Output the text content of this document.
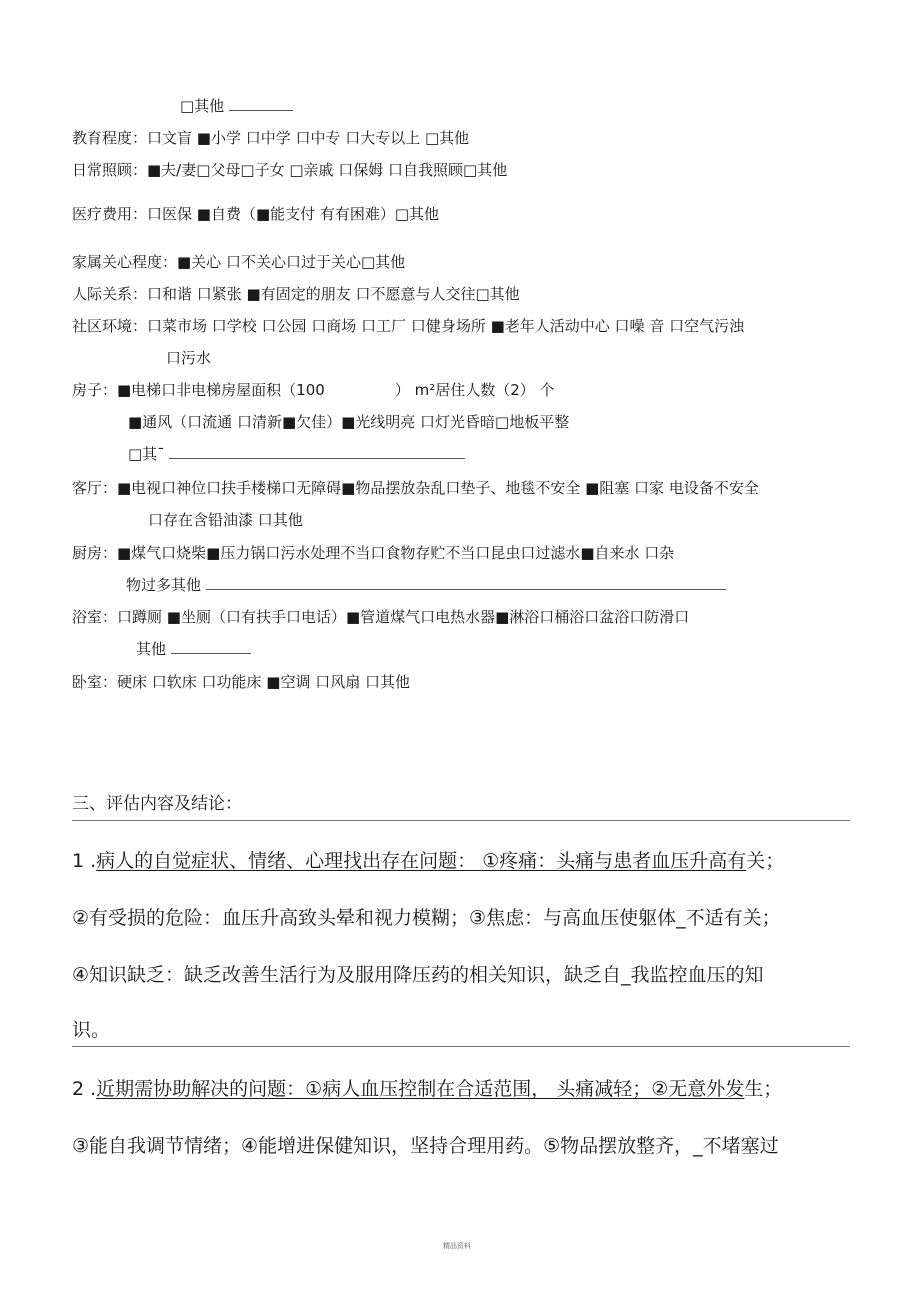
□其他
教育程度：口文盲 ■小学 口中学 口中专 口大专以上 □其他
日常照顾：■夫/妻□父母□子女 □亲戚 口保姆 口自我照顾□其他
医疗费用：口医保 ■自费（■能支付 有有困难）□其他
家属关心程度：■关心 口不关心口过于关心□其他
人际关系：口和谐 口紧张 ■有固定的朋友 口不愿意与人交往□其他
社区环境：口菜市场 口学校 口公园 口商场 口工厂 口健身场所 ■老年人活动中心 口噪 音 口空气污浊
口污水
房子：■电梯口非电梯房屋面积（100	） m²居住人数（2） 个
■通风（口流通 口清新■欠佳）■光线明亮 口灯光昏暗□地板平整
□其ˉ
客厅：■电视口神位口扶手楼梯口无障碍■物品摆放杂乱口垫子、地毯不安全 ■阻塞 口家 电设备不安全
口存在含铅油漆 口其他
厨房：■煤气口烧柴■压力锅口污水处理不当口食物存贮不当口昆虫口过滤水■自来水 口杂
物过多其他
浴室：口蹲厕 ■坐厕（口有扶手口电话）■管道煤气口电热水器■淋浴口桶浴口盆浴口防滑口
其他
卧室：硬床 口软床 口功能床 ■空调 口风扇 口其他
三、评估内容及结论：
1 .病人的自觉症状、情绪、心理找出存在问题： ①疼痛：头痛与患者血压升高有关；
②有受损的危险：血压升高致头晕和视力模糊；③焦虑：与高血压使躯体_不适有关；
④知识缺乏：缺乏改善生活行为及服用降压药的相关知识，缺乏自_我监控血压的知
识。
2 .近期需协助解决的问题：①病人血压控制在合适范围， 头痛减轻；②无意外发生；
③能自我调节情绪；④能增进保健知识，坚持合理用药。⑤物品摆放整齐，_不堵塞过
精品资料
